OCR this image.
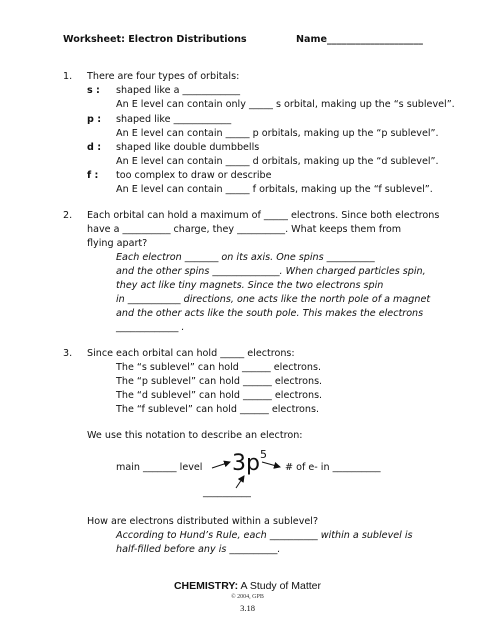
Worksheet: Electron Distributions	Name____________________
1. There are four types of orbitals:
s : shaped like a ____________
An E level can contain only _____ s orbital, making up the “s sublevel”.
p : shaped like ____________
An E level can contain _____ p orbitals, making up the “p sublevel”.
d : shaped like double dumbbells
An E level can contain _____ d orbitals, making up the “d sublevel”.
f : too complex to draw or describe
An E level can contain _____ f orbitals, making up the “f sublevel”.
2. Each orbital can hold a maximum of _____ electrons. Since both electrons
have a __________ charge, they __________. What keeps them from
flying apart?
Each electron _______ on its axis. One spins __________
and the other spins ______________. When charged particles spin,
they act like tiny magnets. Since the two electrons spin
in ___________ directions, one acts like the north pole of a magnet
and the other acts like the south pole. This makes the electrons
_____________ .
3. Since each orbital can hold _____ electrons:
The “s sublevel” can hold ______ electrons.
The “p sublevel” can hold ______ electrons.
The “d sublevel” can hold ______ electrons.
The “f sublevel” can hold ______ electrons.
We use this notation to describe an electron:
main _______ level $3p^5$
# of e- in __________
__________
How are electrons distributed within a sublevel?
According to Hund’s Rule, each __________ within a sublevel is
half-filled before any is __________.
CHEMISTRY: A Study of Matter
© 2004, GPB
3.18
